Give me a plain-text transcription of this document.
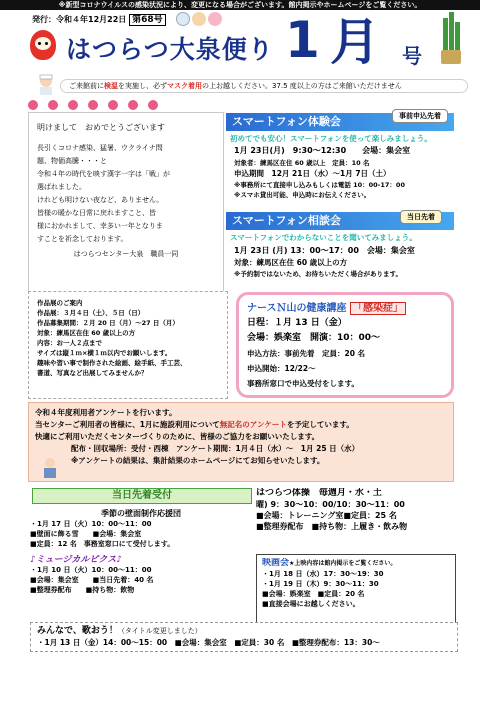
※新型コロナウイルスの感染状況により、変更になる場合がございます。館内掲示やホームページをご覧ください。
発行：令和４年12月22日 第68号
はつらつ大泉便り 1 月 号
ご来館前に検温を実施し、必ずマスク着用の上お越しください。37.5 度以上の方はご来館いただけません
明けまして　おめでとうございます
長引くコロナ感染、猛暑、ウクライナ問
題、物価高騰・・・と
令和４年の時代を映す漢字一字は「戦」が
選ばれました。
けれども明けない夜など、ありません。
皆様の暖かな日常に戻れますこと、皆
様におかれまして、幸多い一年となりま
すことを祈念しております。
はつらつセンター大泉　職員一同
スマートフォン体験会	事前申込先着
初めてでも安心！スマートフォンを使って楽しみましょう。
1月 23日(月)　9:30～12:30　　会場：集会室
対象者：練馬区在住 60 歳以上　定員：10 名
申込期間　12月 21日（水）～1月 7日（土）
※事務所にて直接申し込みもしくは電話 10：00-17：00
※スマホ貸出可能、申込時にお伝えください。
スマートフォン相談会	当日先着
スマートフォンでわからないことを聞いてみましょう。
1月 23日 (月) 13：00～17：00　会場：集会室
対象：練馬区在住 60 歳以上の方
※予約制ではないため、お待ちいただく場合があります。
作品展のご案内
作品展：３月４日（土）、５日（日）
作品募集期間：２月 20 日（月）～27 日（月）
対象：練馬区在住 60 歳以上の方
内容：お一人２点まで
サイズは縦１ｍ×横１ｍ以内でお願いします。
趣味や習い事で制作された絵画、絵手紙、手工芸、
書道、写真など出展してみませんか？
ナースＮ山の健康講座 「感染症」
日程：１月 13 日（金）
会場：娯楽室　開演：10：00～
申込方法：事前先着　定員：20 名
申込開始：12/22～
事務所窓口で申込受付をします。
令和４年度利用者アンケートを行います。
当センターご利用者の皆様に、1月に施設利用について無記名のアンケートを予定しています。
快適にご利用いただくセンターづくりのために、皆様のご協力をお願いいたします。
配布・回収場所：受付・西棟　アンケート期間：1月４日（水）～　1月 25 日（水）
※アンケートの結果は、集計結果のホームページにてお知らせいたします。
当日先着受付
季節の壁面制作応援団
・1月 17 日（火）10：00～11：00
■壁面に飾る雪　　■会場：集会室
■定員：12 名　事務室窓口にて受付します。
♪ミュージカルピクス♪
・1月 10 日（火）10：00～11：00
■会場：集会室　　■当日先着：40 名
■整理券配布　　■持ち物：飲物
はつらつ体操　毎週月・水・土
曜) 9：30～10：00/10：30～11：00
■会場：トレーニング室■定員：25 名
■整理券配布　■持ち物：上履き・飲み物
映画会★上映内容は館内掲示をご覧ください。
・1月 18 日（水）17：30～19：30
・1月 19 日（木）9：30～11：30
■会場：娯楽室　■定員：20 名
■直接会場にお越しください。
みんなで、歌おう！（タイトル変更しました）
・1月 13 日（金）14：00～15：00　■会場：集会室　■定員：30 名　■整理券配布：13：30～
